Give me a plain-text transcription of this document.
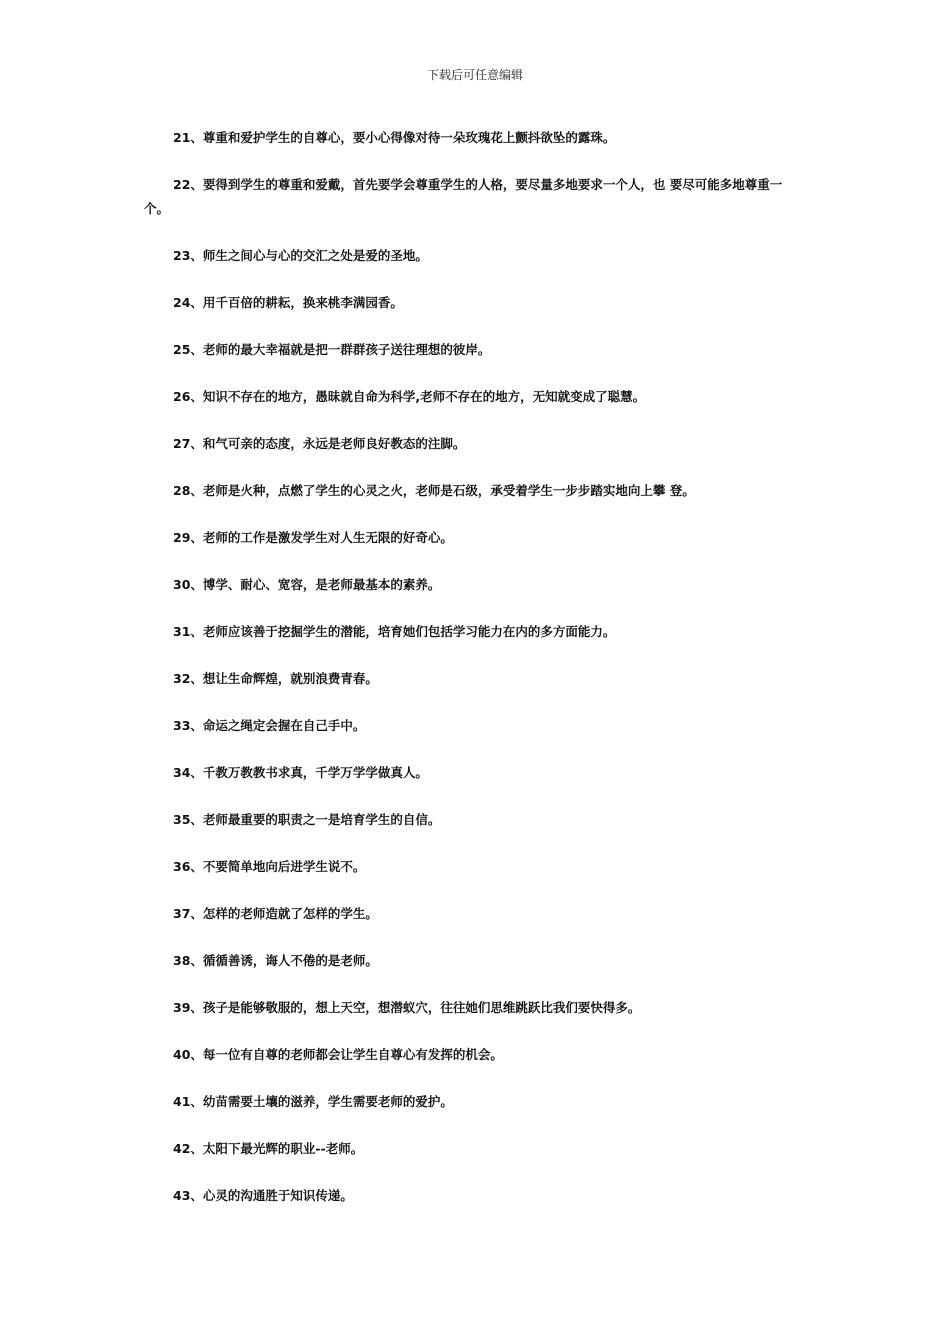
下载后可任意编辑

21、尊重和爱护学生的自尊心，要小心得像对待一朵玫瑰花上颤抖欲坠的露珠。

22、要得到学生的尊重和爱戴，首先要学会尊重学生的人格，要尽量多地要求一个人，也 要尽可能多地尊重一个。

23、师生之间心与心的交汇之处是爱的圣地。

24、用千百倍的耕耘，换来桃李满园香。

25、老师的最大幸福就是把一群群孩子送往理想的彼岸。

26、知识不存在的地方，愚昧就自命为科学,老师不存在的地方，无知就变成了聪慧。

27、和气可亲的态度，永远是老师良好教态的注脚。

28、老师是火种，点燃了学生的心灵之火，老师是石级，承受着学生一步步踏实地向上攀 登。

29、老师的工作是激发学生对人生无限的好奇心。

30、博学、耐心、宽容，是老师最基本的素养。

31、老师应该善于挖掘学生的潜能，培育她们包括学习能力在内的多方面能力。

32、想让生命辉煌，就别浪费青春。

33、命运之绳定会握在自己手中。

34、千教万教教书求真，千学万学学做真人。

35、老师最重要的职责之一是培育学生的自信。

36、不要简单地向后进学生说不。

37、怎样的老师造就了怎样的学生。

38、循循善诱，诲人不倦的是老师。

39、孩子是能够敬服的，想上天空，想潜蚁穴，往往她们思维跳跃比我们要快得多。

40、每一位有自尊的老师都会让学生自尊心有发挥的机会。

41、幼苗需要土壤的滋养，学生需要老师的爱护。

42、太阳下最光辉的职业--老师。

43、心灵的沟通胜于知识传递。
